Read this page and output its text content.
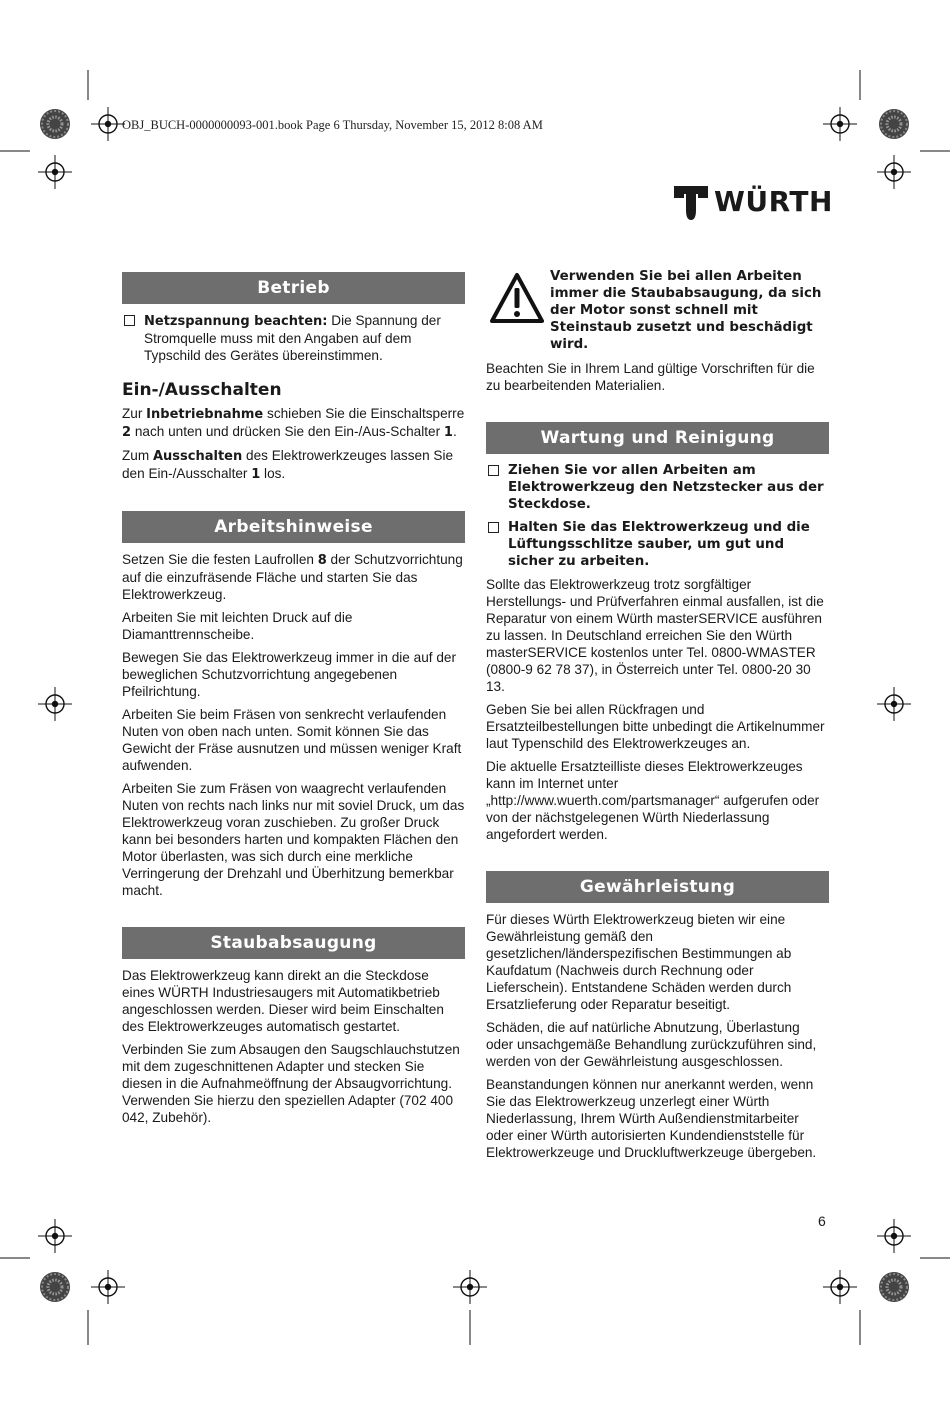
OBJ_BUCH-0000000093-001.book Page 6 Thursday, November 15, 2012 8:08 AM
WÜRTH
Betrieb
Netzspannung beachten: Die Spannung der Stromquelle muss mit den Angaben auf dem Typschild des Gerätes übereinstimmen.
Ein-/Ausschalten

Zur Inbetriebnahme schieben Sie die Einschaltsperre 2 nach unten und drücken Sie den Ein-/Aus-Schalter 1.

Zum Ausschalten des Elektrowerkzeuges lassen Sie den Ein-/Ausschalter 1 los.

Arbeitshinweise

Setzen Sie die festen Laufrollen 8 der Schutzvorrichtung auf die einzufräsende Fläche und starten Sie das Elektrowerkzeug.

Arbeiten Sie mit leichten Druck auf die Diamanttrennscheibe.

Bewegen Sie das Elektrowerkzeug immer in die auf der beweglichen Schutzvorrichtung angegebenen Pfeilrichtung.

Arbeiten Sie beim Fräsen von senkrecht verlaufenden Nuten von oben nach unten. Somit können Sie das Gewicht der Fräse ausnutzen und müssen weniger Kraft aufwenden.

Arbeiten Sie zum Fräsen von waagrecht verlaufenden Nuten von rechts nach links nur mit soviel Druck, um das Elektrowerkzeug voran zuschieben. Zu großer Druck kann bei besonders harten und kompakten Flächen den Motor überlasten, was sich durch eine merkliche Verringerung der Drehzahl und Überhitzung bemerkbar macht.

Staubabsaugung

Das Elektrowerkzeug kann direkt an die Steckdose eines WÜRTH Industriesaugers mit Automatikbetrieb angeschlossen werden. Dieser wird beim Einschalten des Elektrowerkzeuges automatisch gestartet.

Verbinden Sie zum Absaugen den Saugschlauchstutzen mit dem zugeschnittenen Adapter und stecken Sie diesen in die Aufnahmeöffnung der Absaugvorrichtung. Verwenden Sie hierzu den speziellen Adapter (702 400 042, Zubehör).

Verwenden Sie bei allen Arbeiten immer die Staubabsaugung, da sich der Motor sonst schnell mit Steinstaub zusetzt und beschädigt wird.

Beachten Sie in Ihrem Land gültige Vorschriften für die zu bearbeitenden Materialien.

Wartung und Reinigung
Ziehen Sie vor allen Arbeiten am Elektrowerkzeug den Netzstecker aus der Steckdose.
Halten Sie das Elektrowerkzeug und die Lüftungsschlitze sauber, um gut und sicher zu arbeiten.

Sollte das Elektrowerkzeug trotz sorgfältiger Herstellungs- und Prüfverfahren einmal ausfallen, ist die Reparatur von einem Würth masterSERVICE ausführen zu lassen. In Deutschland erreichen Sie den Würth masterSERVICE kostenlos unter Tel. 0800-WMASTER (0800-9 62 78 37), in Österreich unter Tel. 0800-20 30 13.

Geben Sie bei allen Rückfragen und Ersatzteilbestellungen bitte unbedingt die Artikelnummer laut Typenschild des Elektrowerkzeuges an.

Die aktuelle Ersatzteilliste dieses Elektrowerkzeuges kann im Internet unter „http://www.wuerth.com/partsmanager“ aufgerufen oder von der nächstgelegenen Würth Niederlassung angefordert werden.

Gewährleistung

Für dieses Würth Elektrowerkzeug bieten wir eine Gewährleistung gemäß den gesetzlichen/länderspezifischen Bestimmungen ab Kaufdatum (Nachweis durch Rechnung oder Lieferschein). Entstandene Schäden werden durch Ersatzlieferung oder Reparatur beseitigt.

Schäden, die auf natürliche Abnutzung, Überlastung oder unsachgemäße Behandlung zurückzuführen sind, werden von der Gewährleistung ausgeschlossen.

Beanstandungen können nur anerkannt werden, wenn Sie das Elektrowerkzeug unzerlegt einer Würth Niederlassung, Ihrem Würth Außendienstmitarbeiter oder einer Würth autorisierten Kundendienststelle für Elektrowerkzeuge und Druckluftwerkzeuge übergeben.

6
